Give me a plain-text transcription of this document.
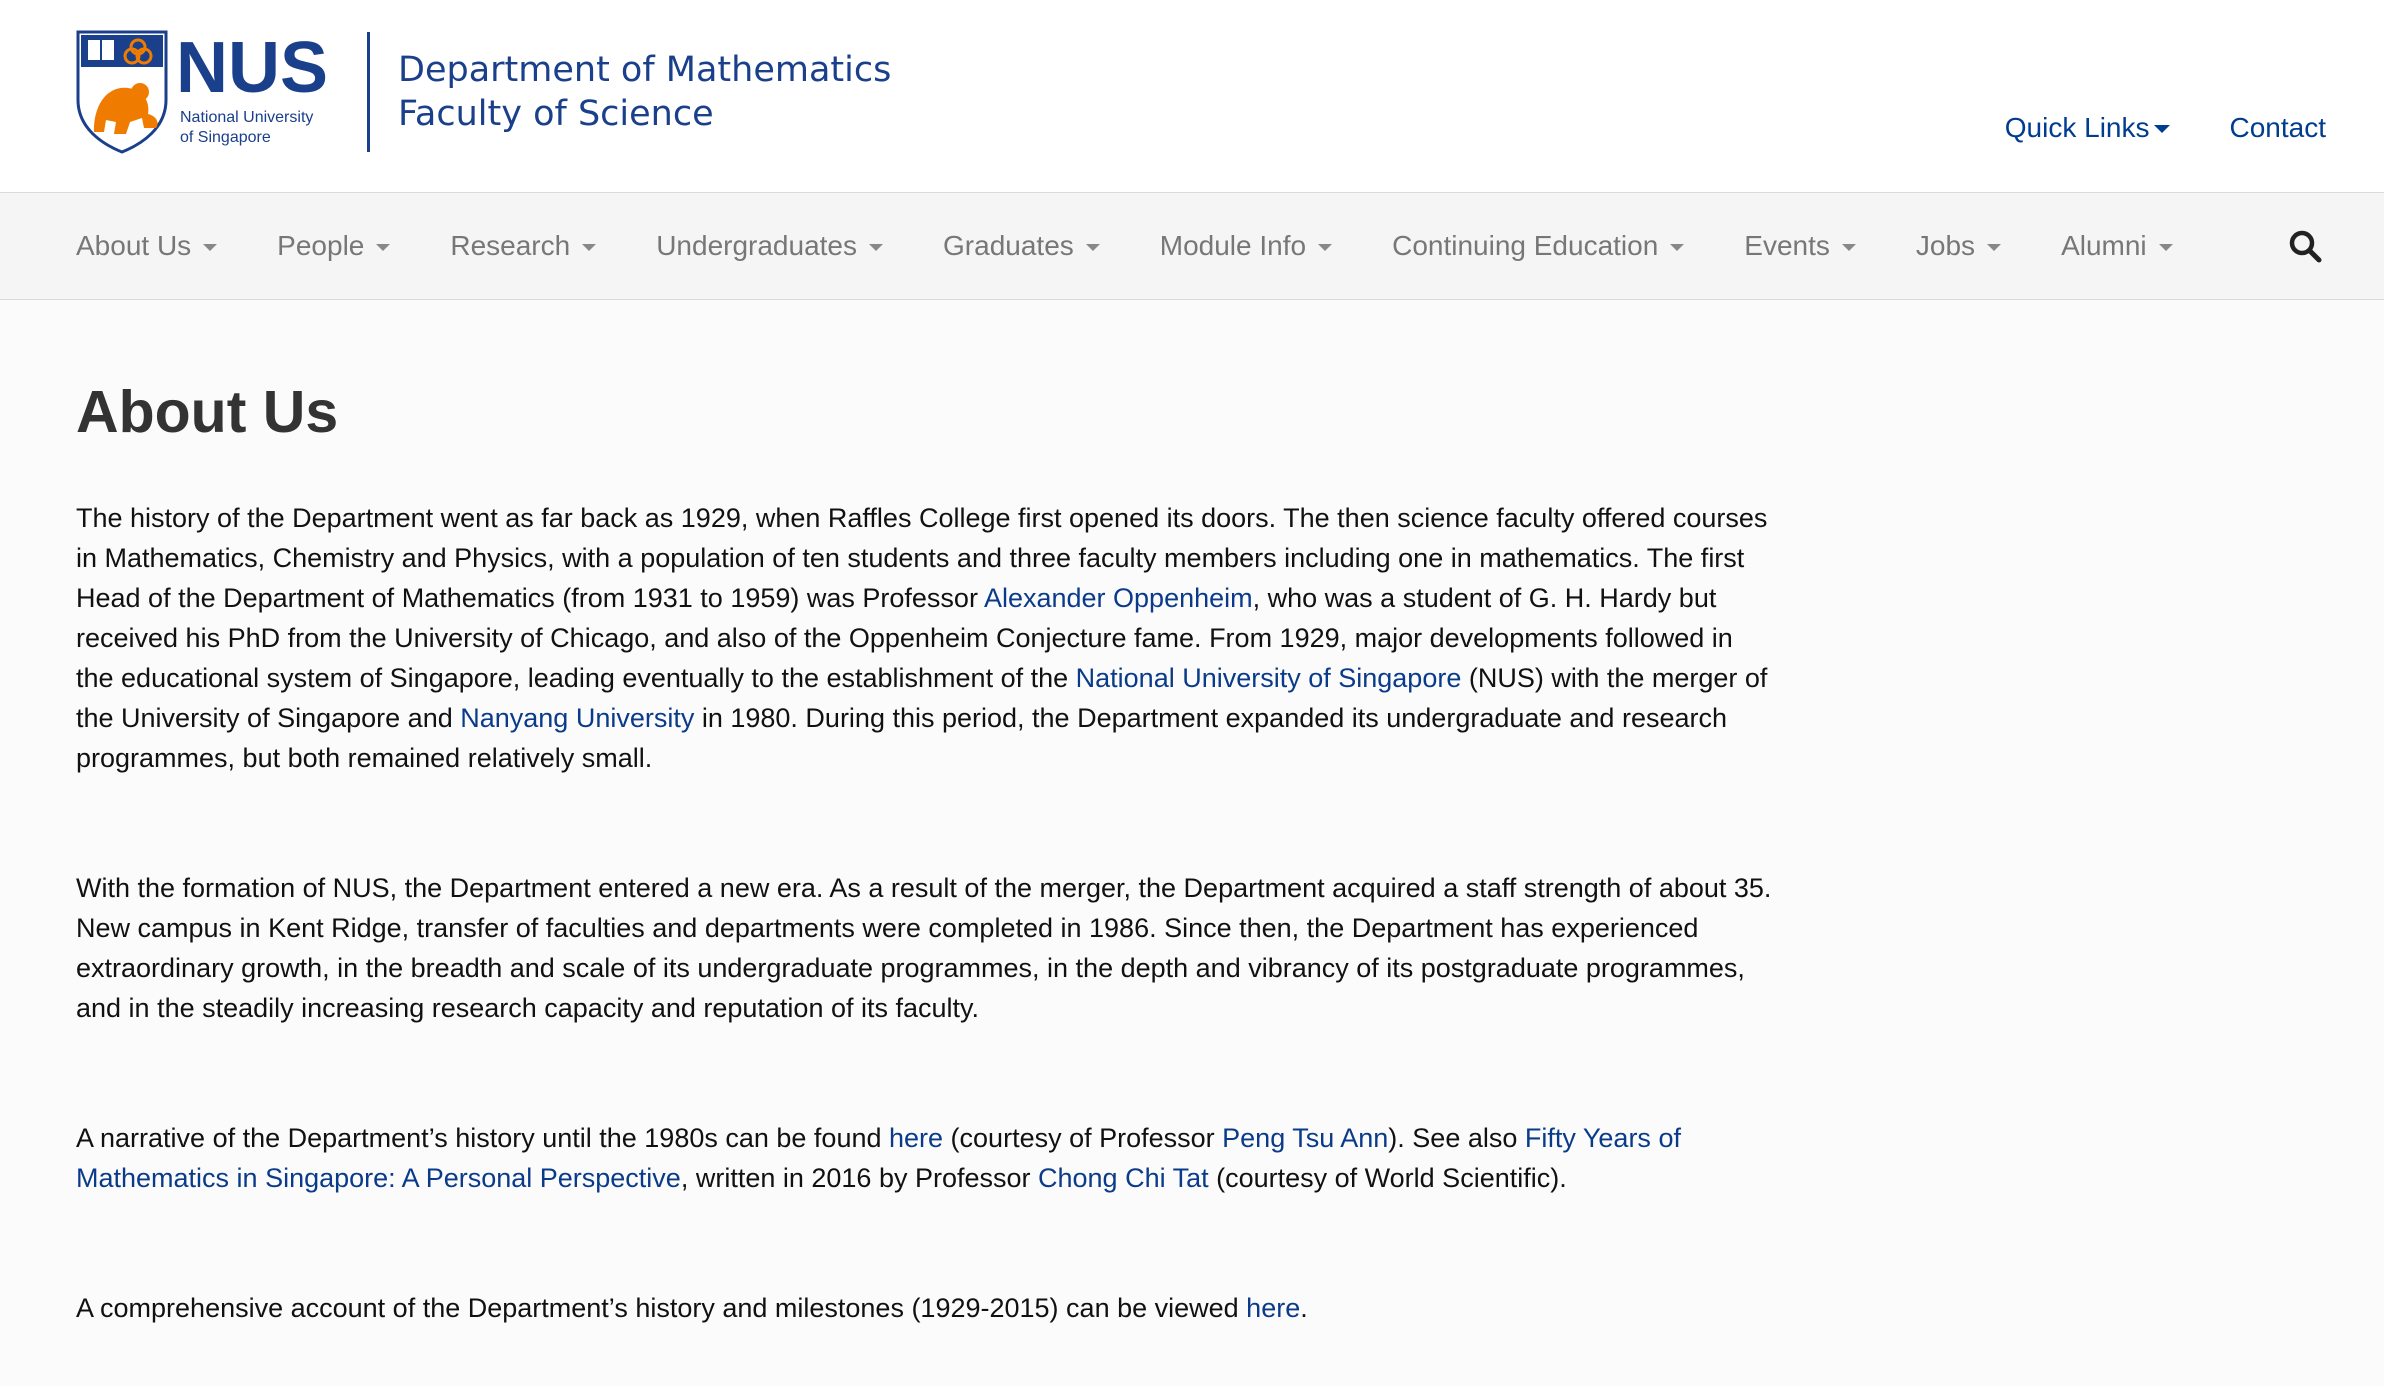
NUS
National University
of Singapore
Department of Mathematics
Faculty of Science	Quick Links	Contact
About Us	People	Research	Undergraduates	Graduates	Module Info	Continuing Education	Events	Jobs	Alumni
About Us

The history of the Department went as far back as 1929, when Raffles College first opened its doors. The then science faculty offered courses in Mathematics, Chemistry and Physics, with a population of ten students and three faculty members including one in mathematics. The first Head of the Department of Mathematics (from 1931 to 1959) was Professor Alexander Oppenheim, who was a student of G. H. Hardy but received his PhD from the University of Chicago, and also of the Oppenheim Conjecture fame. From 1929, major developments followed in the educational system of Singapore, leading eventually to the establishment of the National University of Singapore (NUS) with the merger of the University of Singapore and Nanyang University in 1980. During this period, the Department expanded its undergraduate and research programmes, but both remained relatively small.

With the formation of NUS, the Department entered a new era. As a result of the merger, the Department acquired a staff strength of about 35. New campus in Kent Ridge, transfer of faculties and departments were completed in 1986. Since then, the Department has experienced extraordinary growth, in the breadth and scale of its undergraduate programmes, in the depth and vibrancy of its postgraduate programmes, and in the steadily increasing research capacity and reputation of its faculty.

A narrative of the Department’s history until the 1980s can be found here (courtesy of Professor Peng Tsu Ann). See also Fifty Years of Mathematics in Singapore: A Personal Perspective, written in 2016 by Professor Chong Chi Tat (courtesy of World Scientific).

A comprehensive account of the Department’s history and milestones (1929-2015) can be viewed here.
